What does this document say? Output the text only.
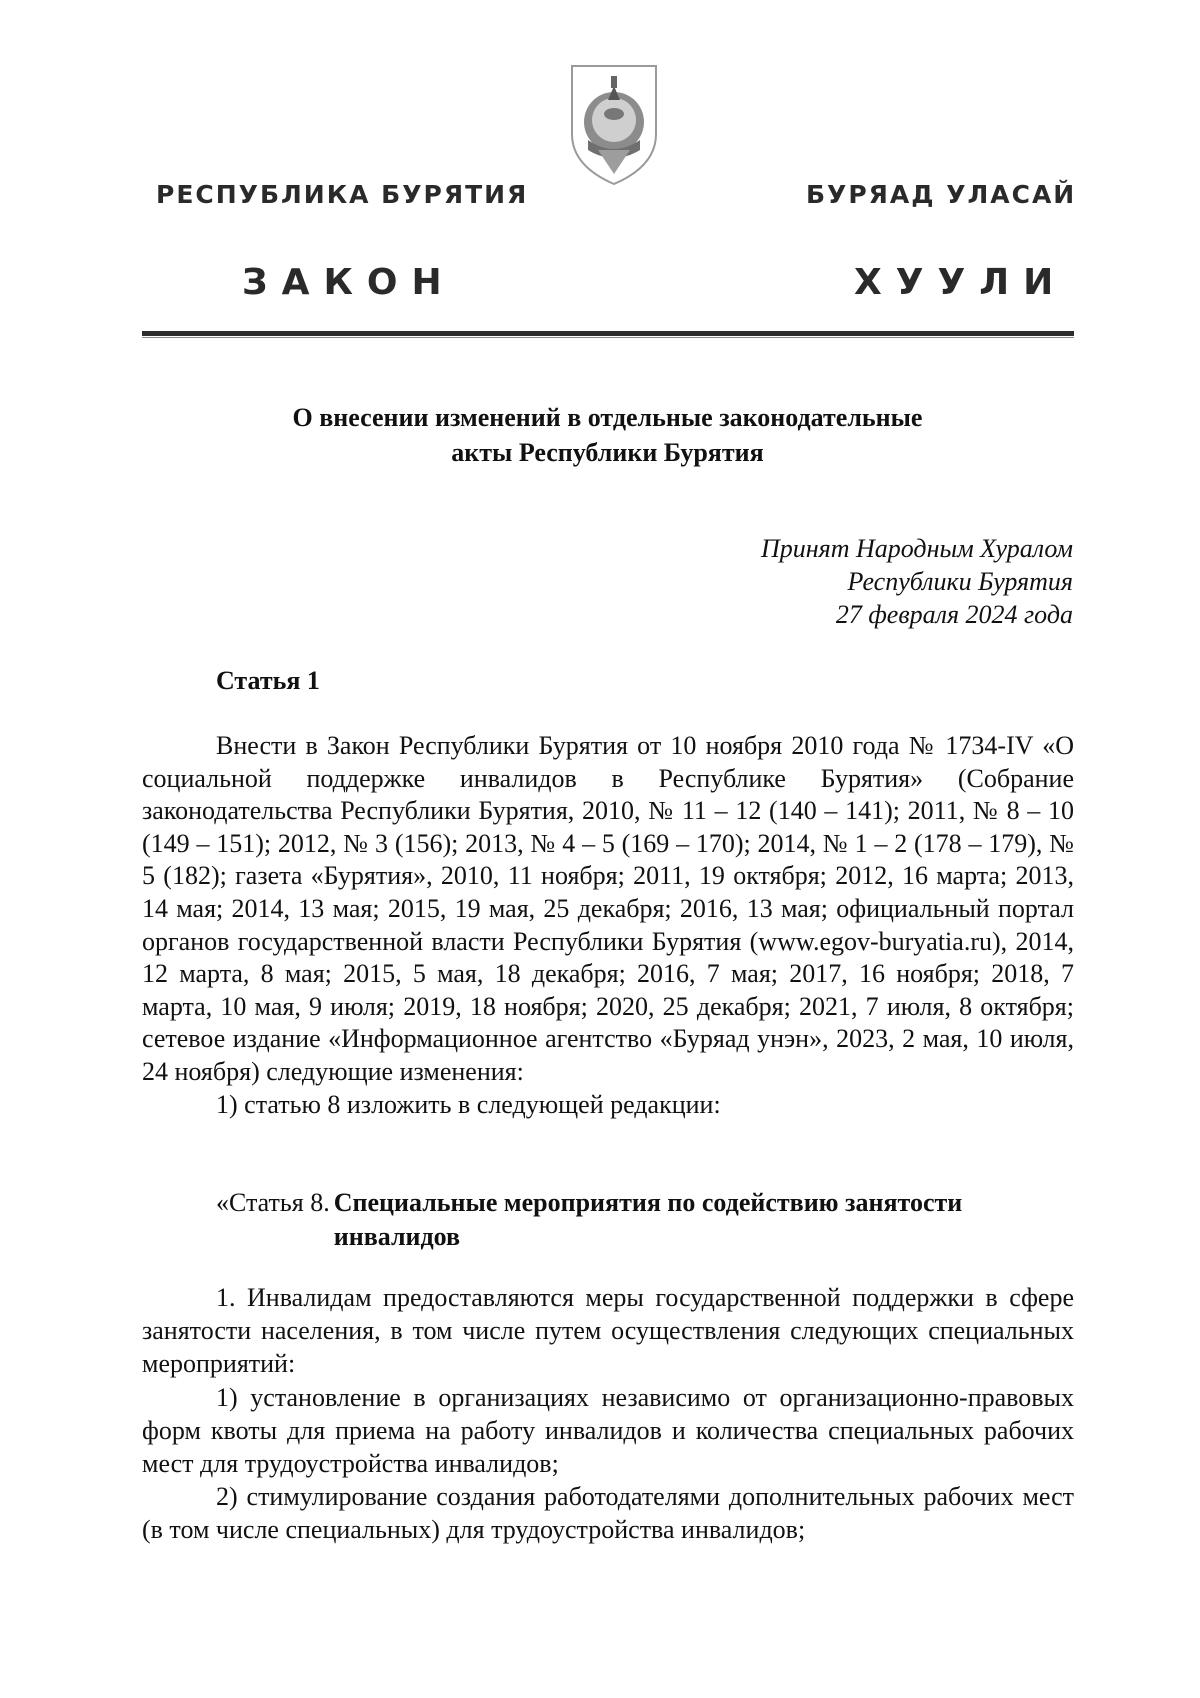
РЕСПУБЛИКА БУРЯТИЯ	БУРЯАД УЛАСАЙ
ЗАКОН	ХУУЛИ
О внесении изменений в отдельные законодательные
акты Республики Бурятия
Принят Народным Хуралом
Республики Бурятия
27 февраля 2024 года
Статья 1

Внести в Закон Республики Бурятия от 10 ноября 2010 года № 1734-IV «О социальной поддержке инвалидов в Республике Бурятия» (Собрание законодательства Республики Бурятия, 2010, № 11 – 12 (140 – 141); 2011, № 8 – 10 (149 – 151); 2012, № 3 (156); 2013, № 4 – 5 (169 – 170); 2014, № 1 – 2 (178 – 179), № 5 (182); газета «Бурятия», 2010, 11 ноября; 2011, 19 октября; 2012, 16 марта; 2013, 14 мая; 2014, 13 мая; 2015, 19 мая, 25 декабря; 2016, 13 мая; официальный портал органов государственной власти Республики Бурятия (www.egov-buryatia.ru), 2014, 12 марта, 8 мая; 2015, 5 мая, 18 декабря; 2016, 7 мая; 2017, 16 ноября; 2018, 7 марта, 10 мая, 9 июля; 2019, 18 ноября; 2020, 25 декабря; 2021, 7 июля, 8 октября; сетевое издание «Информационное агентство «Буряад унэн», 2023, 2 мая, 10 июля, 24 ноября) следующие изменения:

1) статью 8 изложить в следующей редакции:

«Статья 8. Специальные мероприятия по содействию занятости инвалидов

1. Инвалидам предоставляются меры государственной поддержки в сфере занятости населения, в том числе путем осуществления следующих специальных мероприятий:

1) установление в организациях независимо от организационно-правовых форм квоты для приема на работу инвалидов и количества специальных рабочих мест для трудоустройства инвалидов;

2) стимулирование создания работодателями дополнительных рабочих мест (в том числе специальных) для трудоустройства инвалидов;
